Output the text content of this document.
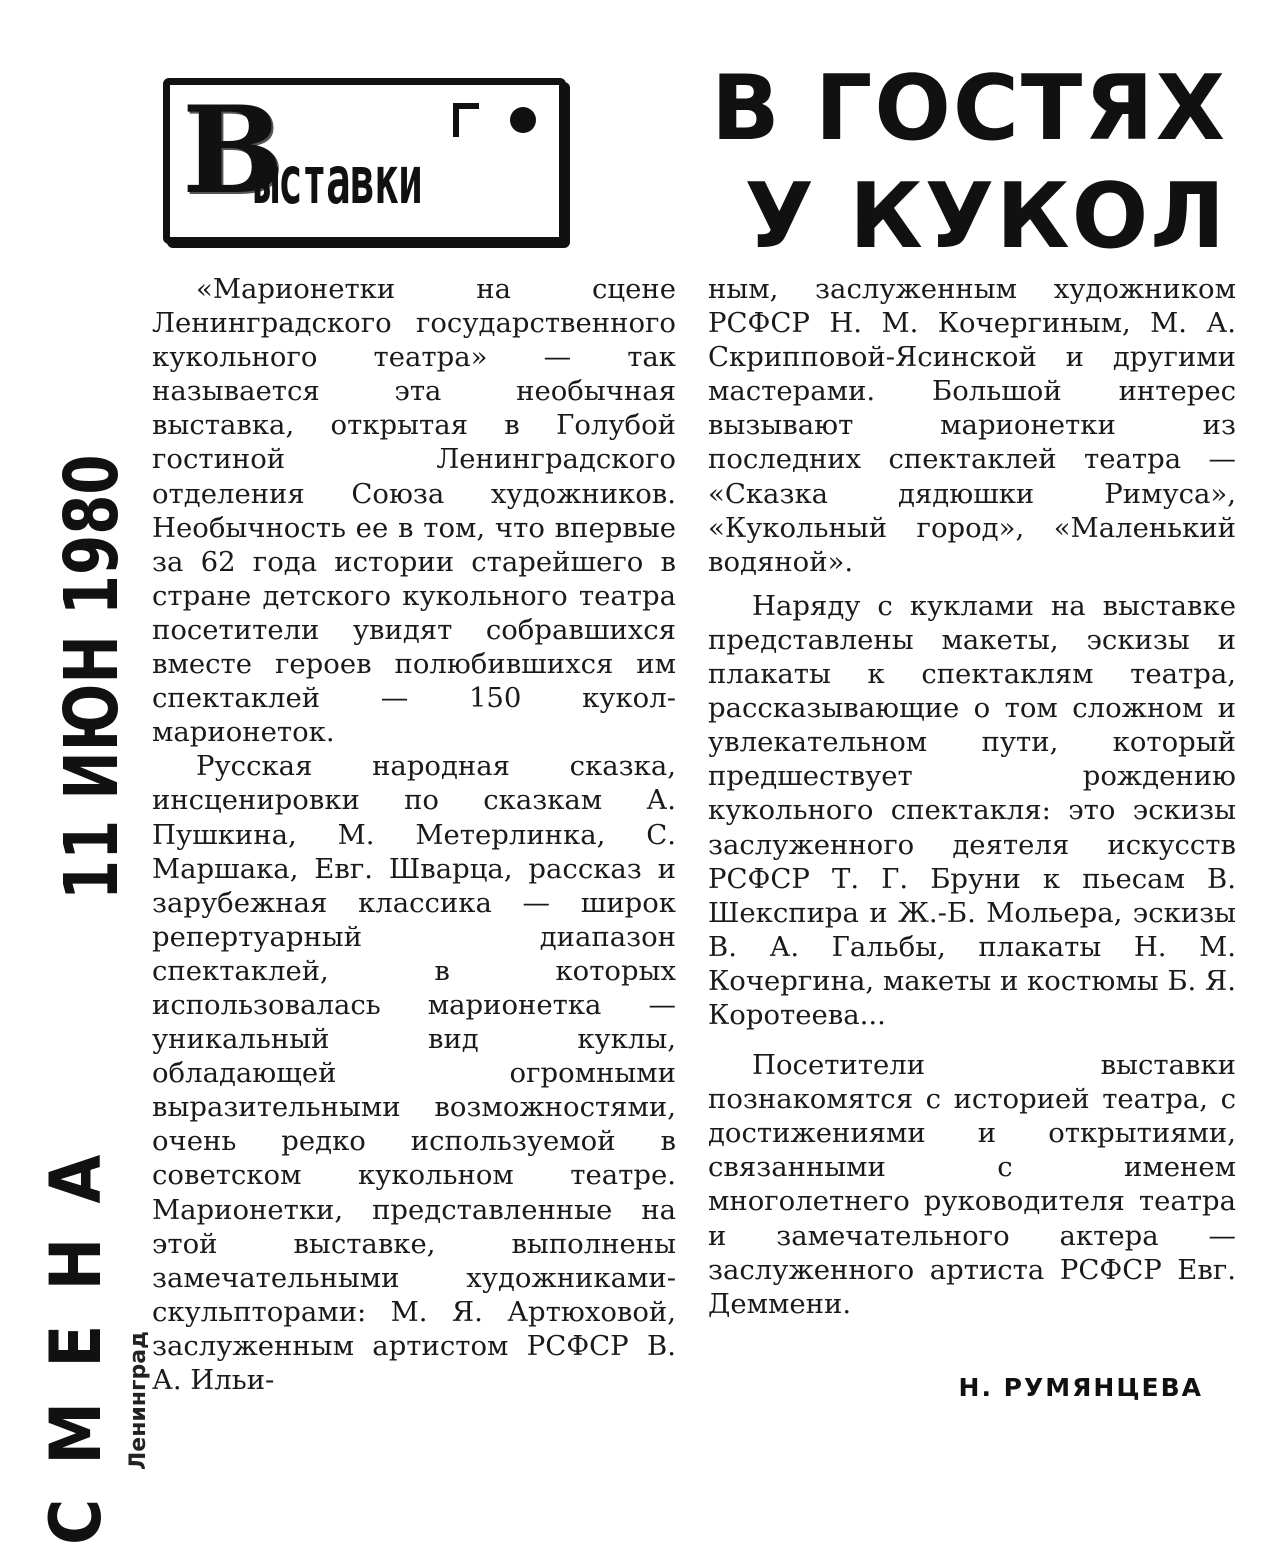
В
ыставки
В ГОСТЯХ
У КУКОЛ

«Марионетки на сцене Ленинградского государственного кукольного театра» — так называется эта необычная выставка, открытая в Голубой гостиной Ленинградского отделения Союза художников. Необычность ее в том, что впервые за 62 года истории старейшего в стране детского кукольного театра посетители увидят собравшихся вместе героев полюбившихся им спектаклей — 150 кукол-марионеток.

Русская народная сказка, инсценировки по сказкам А. Пушкина, М. Метерлинка, С. Маршака, Евг. Шварца, рассказ и зарубежная классика — широк репертуарный диапазон спектаклей, в которых использовалась марионетка — уникальный вид куклы, обладающей огромными выразительными возможностями, очень редко используемой в советском кукольном театре. Марионетки, представленные на этой выставке, выполнены замечательными художниками-скульпторами: М. Я. Артюховой, заслуженным артистом РСФСР В. А. Ильи-

ным, заслуженным художником РСФСР Н. М. Кочергиным, М. А. Скрипповой-Ясинской и другими мастерами. Большой интерес вызывают марионетки из последних спектаклей театра — «Сказка дядюшки Римуса», «Кукольный город», «Маленький водяной».

Наряду с куклами на выставке представлены макеты, эскизы и плакаты к спектаклям театра, рассказывающие о том сложном и увлекательном пути, который предшествует рождению кукольного спектакля: это эскизы заслуженного деятеля искусств РСФСР Т. Г. Бруни к пьесам В. Шекспира и Ж.-Б. Мольера, эскизы В. А. Гальбы, плакаты Н. М. Кочергина, макеты и костюмы Б. Я. Коротеева...

Посетители выставки познакомятся с историей театра, с достижениями и открытиями, связанными с именем многолетнего руководителя театра и замечательного актера — заслуженного артиста РСФСР Евг. Деммени.

Н. РУМЯНЦЕВА
11 ИЮН 1980
СМЕНА Ленинград
